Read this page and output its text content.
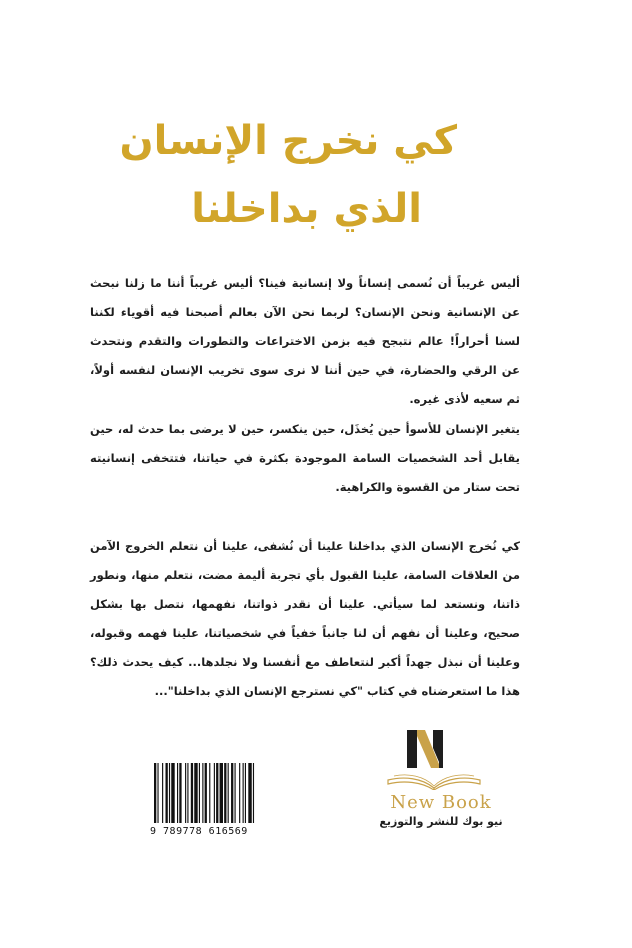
كي نخرج الإنسان
الذي بداخلنا
أليس غريباً أن نُسمى إنساناً ولا إنسانية فينا؟ أليس غريباً أننا ما زلنا نبحث عن الإنسانية ونحن الإنسان؟ لربما نحن الآن بعالم أصبحنا فيه أقوياء لكننا لسنا أحراراً! عالم نتبجح فيه بزمن الاختراعات والتطورات والتقدم ونتحدث عن الرقي والحضارة، في حين أننا لا نرى سوى تخريب الإنسان لنفسه أولاً، ثم سعيه لأذى غيره.
يتغير الإنسان للأسوأ حين يُخذَل، حين ينكسر، حين لا يرضى بما حدث له، حين يقابل أحد الشخصيات السامة الموجودة بكثرة في حياتنا، فتتخفى إنسانيته تحت ستار من القسوة والكراهية.
كي نُخرج الإنسان الذي بداخلنا علينا أن نُشفى، علينا أن نتعلم الخروج الآمن من العلاقات السامة، علينا القبول بأي تجربة أليمة مضت، نتعلم منها، ونطور ذاتنا، ونستعد لما سيأتي. علينا أن نقدر ذواتنا، نفهمها، نتصل بها بشكل صحيح، وعلينا أن نفهم أن لنا جانباً خفياً في شخصياتنا، علينا فهمه وقبوله، وعلينا أن نبذل جهداً أكبر لنتعاطف مع أنفسنا ولا نجلدها... كيف يحدث ذلك؟ هذا ما استعرضناه في كتاب "كي نسترجع الإنسان الذي بداخلنا"...
9 789778 616569
New Book
نيو بوك للنشر والتوزيع
